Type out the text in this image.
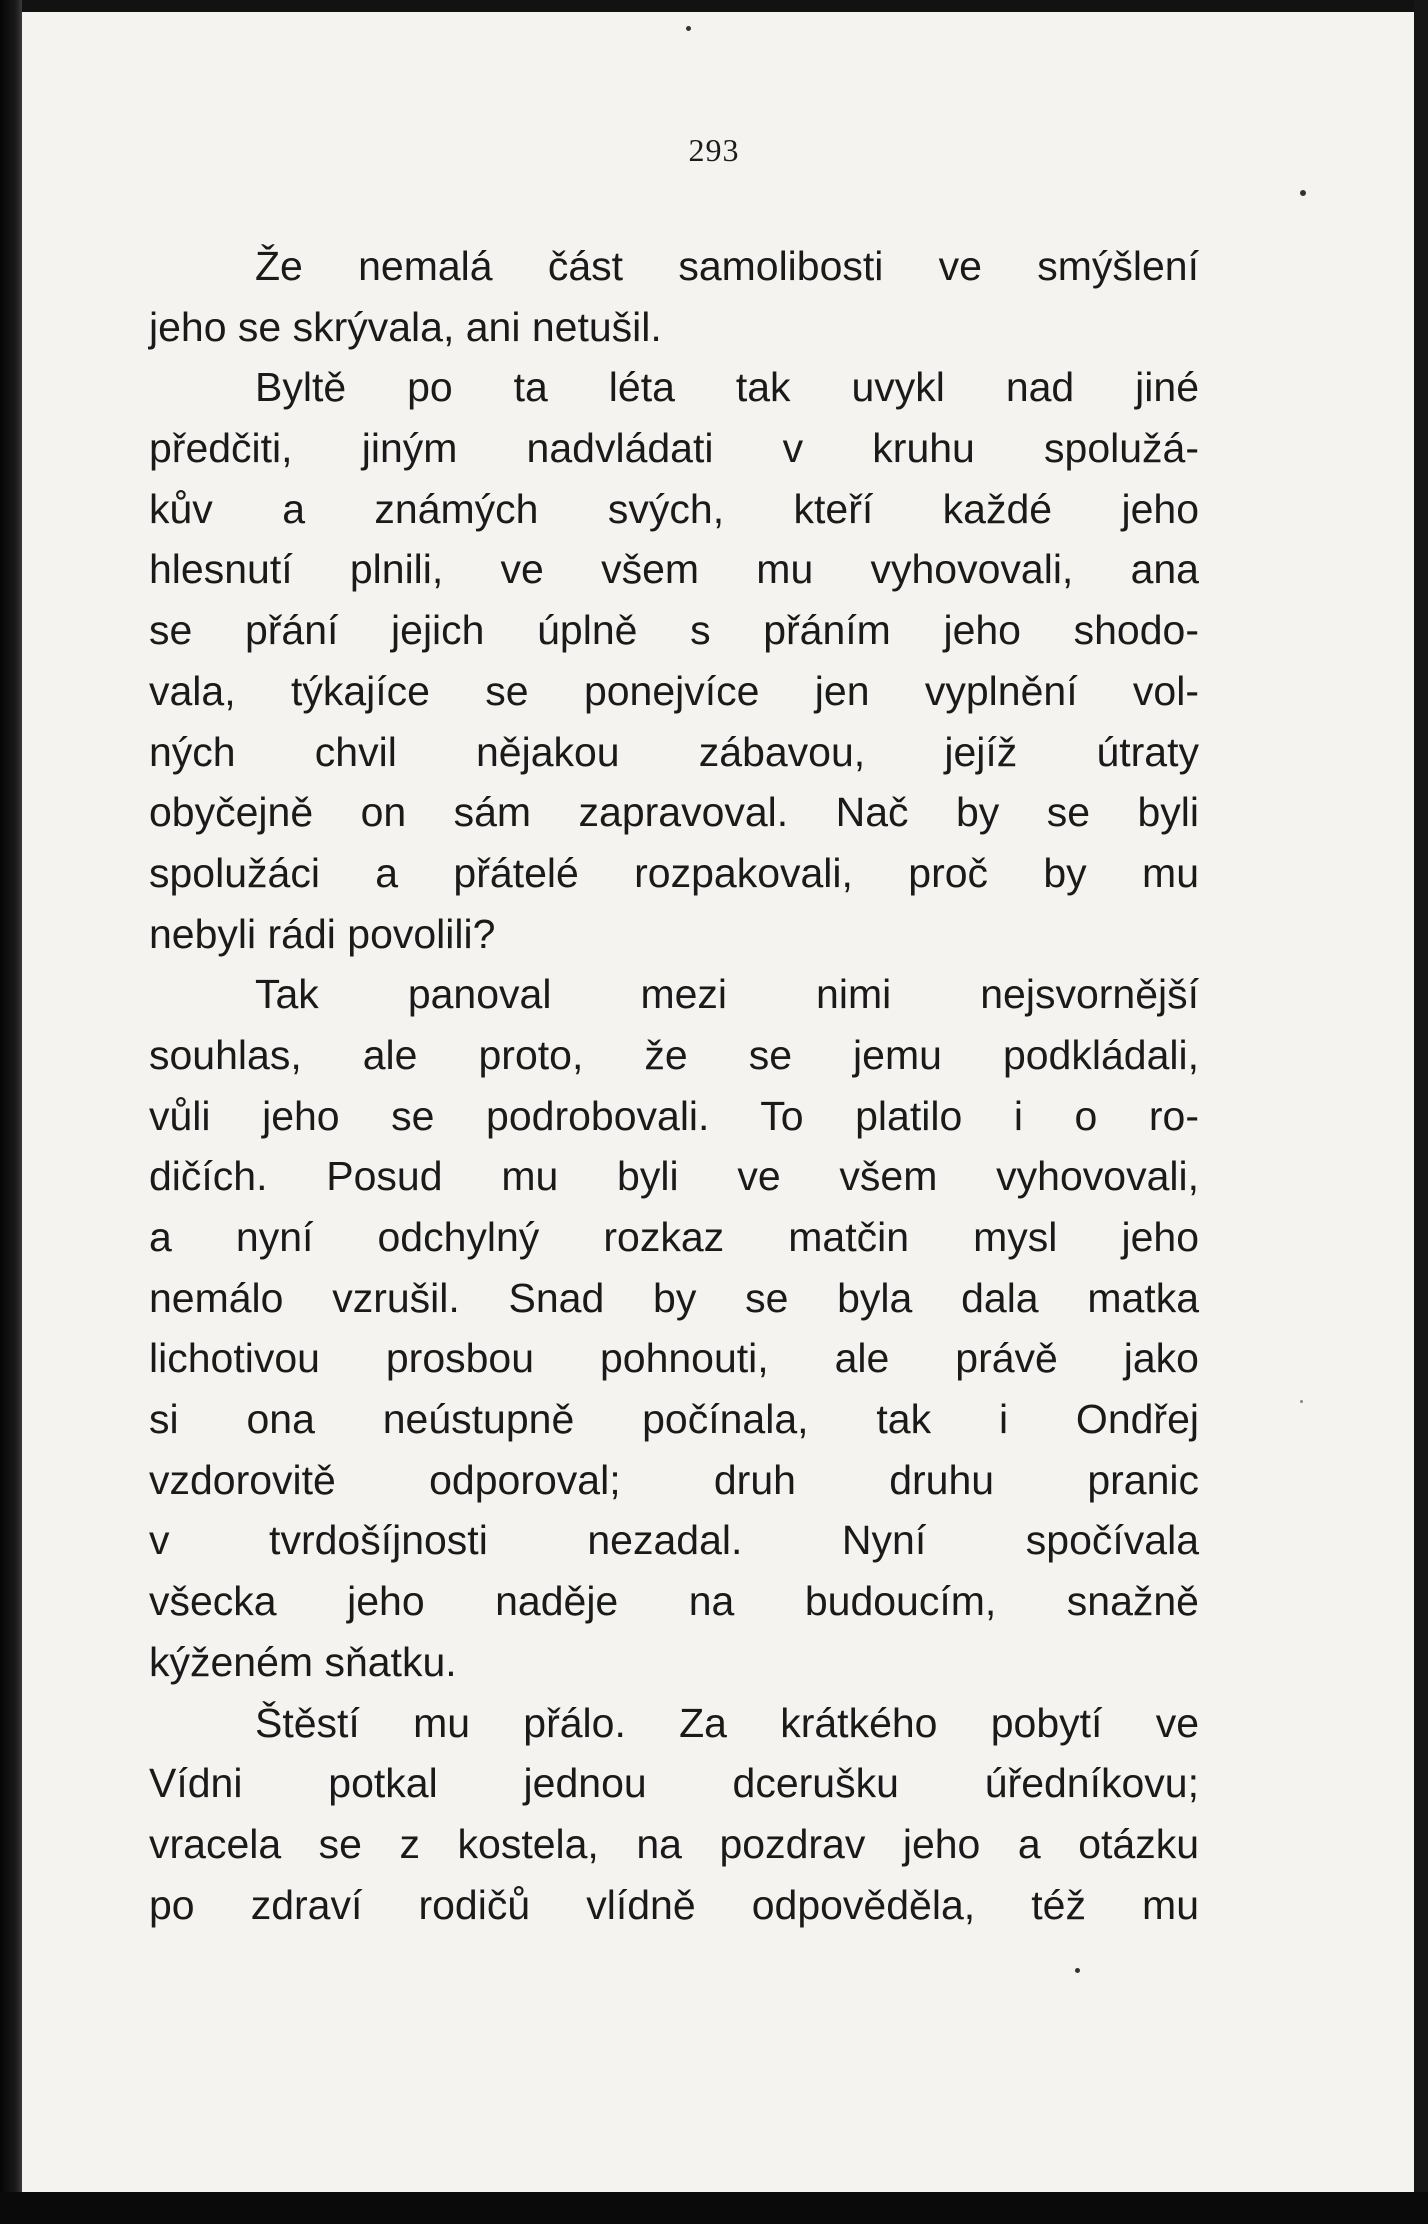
293
Že nemalá část samolibosti ve smýšlení
jeho se skrývala, ani netušil.
Byltě po ta léta tak uvykl nad jiné
předčiti, jiným nadvládati v kruhu spolužá-
kův a známých svých, kteří každé jeho
hlesnutí plnili, ve všem mu vyhovovali, ana
se přání jejich úplně s přáním jeho shodo-
vala, týkajíce se ponejvíce jen vyplnění vol-
ných chvil nějakou zábavou, jejíž útraty
obyčejně on sám zapravoval. Nač by se byli
spolužáci a přátelé rozpakovali, proč by mu
nebyli rádi povolili?
Tak panoval mezi nimi nejsvornější
souhlas, ale proto, že se jemu podkládali,
vůli jeho se podrobovali. To platilo i o ro-
dičích. Posud mu byli ve všem vyhovovali,
a nyní odchylný rozkaz matčin mysl jeho
nemálo vzrušil. Snad by se byla dala matka
lichotivou prosbou pohnouti, ale právě jako
si ona neústupně počínala, tak i Ondřej
vzdorovitě odporoval; druh druhu pranic
v tvrdošíjnosti nezadal. Nyní spočívala
všecka jeho naděje na budoucím, snažně
kýženém sňatku.
Štěstí mu přálo. Za krátkého pobytí ve
Vídni potkal jednou dcerušku úředníkovu;
vracela se z kostela, na pozdrav jeho a otázku
po zdraví rodičů vlídně odpověděla, též mu
